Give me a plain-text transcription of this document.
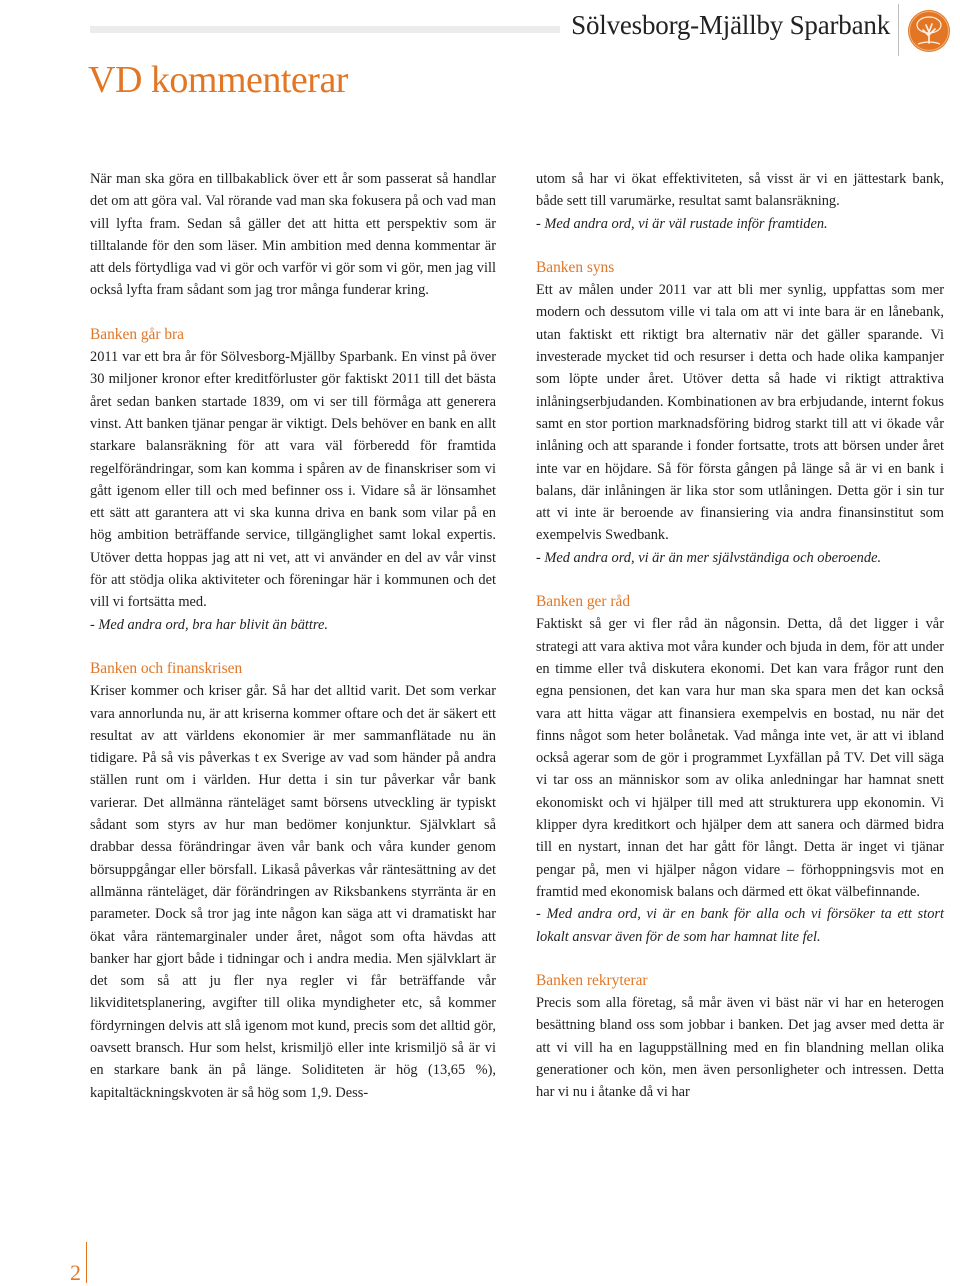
Sölvesborg-Mjällby Sparbank
VD kommenterar

När man ska göra en tillbakablick över ett år som passerat så handlar det om att göra val. Val rörande vad man ska fokusera på och vad man vill lyfta fram. Sedan så gäller det att hitta ett perspektiv som är tilltalande för den som läser. Min ambition med denna kommentar är att dels förtydliga vad vi gör och varför vi gör som vi gör, men jag vill också lyfta fram sådant som jag tror många funderar kring.

Banken går bra

2011 var ett bra år för Sölvesborg-Mjällby Sparbank. En vinst på över 30 miljoner kronor efter kreditförluster gör faktiskt 2011 till det bästa året sedan banken startade 1839, om vi ser till förmåga att generera vinst. Att banken tjänar pengar är viktigt. Dels behöver en bank en allt starkare balansräkning för att vara väl förberedd för framtida regelförändringar, som kan komma i spåren av de finanskriser som vi gått igenom eller till och med befinner oss i. Vidare så är lönsamhet ett sätt att garantera att vi ska kunna driva en bank som vilar på en hög ambition beträffande service, tillgänglighet samt lokal expertis. Utöver detta hoppas jag att ni vet, att vi använder en del av vår vinst för att stödja olika aktiviteter och föreningar här i kommunen och det vill vi fortsätta med.

- Med andra ord, bra har blivit än bättre.

Banken och finanskrisen

Kriser kommer och kriser går. Så har det alltid varit. Det som verkar vara annorlunda nu, är att kriserna kommer oftare och det är säkert ett resultat av att världens ekonomier är mer sammanflätade nu än tidigare. På så vis påverkas t ex Sverige av vad som händer på andra ställen runt om i världen. Hur detta i sin tur påverkar vår bank varierar. Det allmänna ränteläget samt börsens utveckling är typiskt sådant som styrs av hur man bedömer konjunktur. Självklart så drabbar dessa förändringar även vår bank och våra kunder genom börsuppgångar eller börsfall. Likaså påverkas vår räntesättning av det allmänna ränteläget, där förändringen av Riksbankens styrränta är en parameter. Dock så tror jag inte någon kan säga att vi dramatiskt har ökat våra räntemarginaler under året, något som ofta hävdas att banker har gjort både i tidningar och i andra media. Men självklart är det som så att ju fler nya regler vi får beträffande vår likviditetsplanering, avgifter till olika myndigheter etc, så kommer fördyrningen delvis att slå igenom mot kund, precis som det alltid gör, oavsett bransch. Hur som helst, krismiljö eller inte krismiljö så är vi en starkare bank än på länge. Soliditeten är hög (13,65 %), kapitaltäckningskvoten är så hög som 1,9. Dess-

utom så har vi ökat effektiviteten, så visst är vi en jättestark bank, både sett till varumärke, resultat samt balansräkning.

- Med andra ord, vi är väl rustade inför framtiden.

Banken syns

Ett av målen under 2011 var att bli mer synlig, uppfattas som mer modern och dessutom ville vi tala om att vi inte bara är en lånebank, utan faktiskt ett riktigt bra alternativ när det gäller sparande. Vi investerade mycket tid och resurser i detta och hade olika kampanjer som löpte under året. Utöver detta så hade vi riktigt attraktiva inlåningserbjudanden. Kombinationen av bra erbjudande, internt fokus samt en stor portion marknadsföring bidrog starkt till att vi ökade vår inlåning och att sparande i fonder fortsatte, trots att börsen under året inte var en höjdare. Så för första gången på länge så är vi en bank i balans, där inlåningen är lika stor som utlåningen. Detta gör i sin tur att vi inte är beroende av finansiering via andra finansinstitut som exempelvis Swedbank.

- Med andra ord, vi är än mer självständiga och oberoende.

Banken ger råd

Faktiskt så ger vi fler råd än någonsin. Detta, då det ligger i vår strategi att vara aktiva mot våra kunder och bjuda in dem, för att under en timme eller två diskutera ekonomi. Det kan vara frågor runt den egna pensionen, det kan vara hur man ska spara men det kan också vara att hitta vägar att finansiera exempelvis en bostad, nu när det finns något som heter bolånetak. Vad många inte vet, är att vi ibland också agerar som de gör i programmet Lyxfällan på TV. Det vill säga vi tar oss an människor som av olika anledningar har hamnat snett ekonomiskt och vi hjälper till med att strukturera upp ekonomin. Vi klipper dyra kreditkort och hjälper dem att sanera och därmed bidra till en nystart, innan det har gått för långt. Detta är inget vi tjänar pengar på, men vi hjälper någon vidare – förhoppningsvis mot en framtid med ekonomisk balans och därmed ett ökat välbefinnande.

- Med andra ord, vi är en bank för alla och vi försöker ta ett stort lokalt ansvar även för de som har hamnat lite fel.

Banken rekryterar

Precis som alla företag, så mår även vi bäst när vi har en heterogen besättning bland oss som jobbar i banken. Det jag avser med detta är att vi vill ha en laguppställning med en fin blandning mellan olika generationer och kön, men även personligheter och intressen. Detta har vi nu i åtanke då vi har

2
